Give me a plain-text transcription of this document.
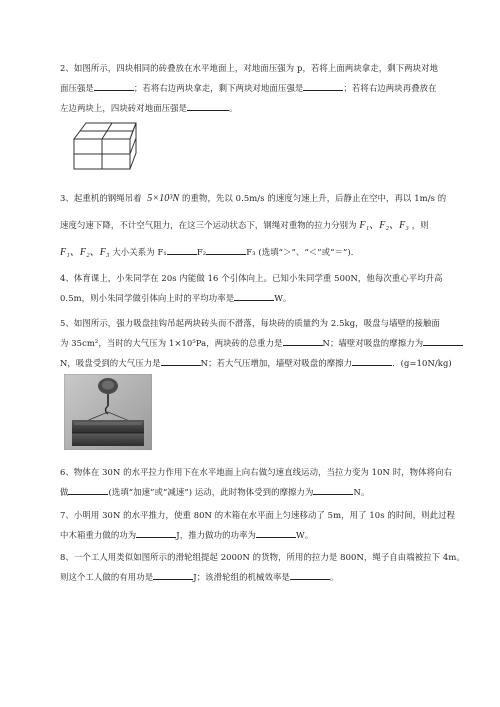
2、如图所示，四块相同的砖叠放在水平地面上，对地面压强为 p，若将上面两块拿走，剩下两块对地

面压强是	；若将右边两块拿走，剩下两块对地面压强是	；若将右边两块再叠放在

左边两块上，四块砖对地面压强是	。

3、起重机的钢绳吊着 5×10³N 的重物，先以 0.5m/s 的速度匀速上升，后静止在空中，再以 1m/s 的

速度匀速下降，不计空气阻力，在这三个运动状态下，钢绳对重物的拉力分别为 F₁、F₂、F₃ ，则

F₁、F₂、F₃ 大小关系为 F₁	F₂	F₃ (选填“＞”、“＜”或“＝”)．

4、体育课上，小朱同学在 20s 内能做 16 个引体向上。已知小朱同学重 500N，他每次重心平均升高

0.5m，则小朱同学做引体向上时的平均功率是	W。

5、如图所示，强力吸盘挂钩吊起两块砖头而不滑落，每块砖的质量约为 2.5kg，吸盘与墙壁的接触面

为 35cm²，当时的大气压为 1×10⁵Pa，两块砖的总重力是	N；墙壁对吸盘的摩擦力为

N，吸盘受到的大气压力是	N；若大气压增加，墙壁对吸盘的摩擦力	．(g=10N/kg)

6、物体在 30N 的水平拉力作用下在水平地面上向右做匀速直线运动，当拉力变为 10N 时，物体将向右

做	(选填“加速”或“减速”) 运动，此时物体受到的摩擦力为	N。

7、小明用 30N 的水平推力，使重 80N 的木箱在水平面上匀速移动了 5m，用了 10s 的时间，则此过程

中木箱重力做的功为	J，推力做功的功率为	W。

8、一个工人用类似如图所示的滑轮组提起 2000N 的货物，所用的拉力是 800N，绳子自由端被拉下 4m。

则这个工人做的有用功是	J；该滑轮组的机械效率是	。
